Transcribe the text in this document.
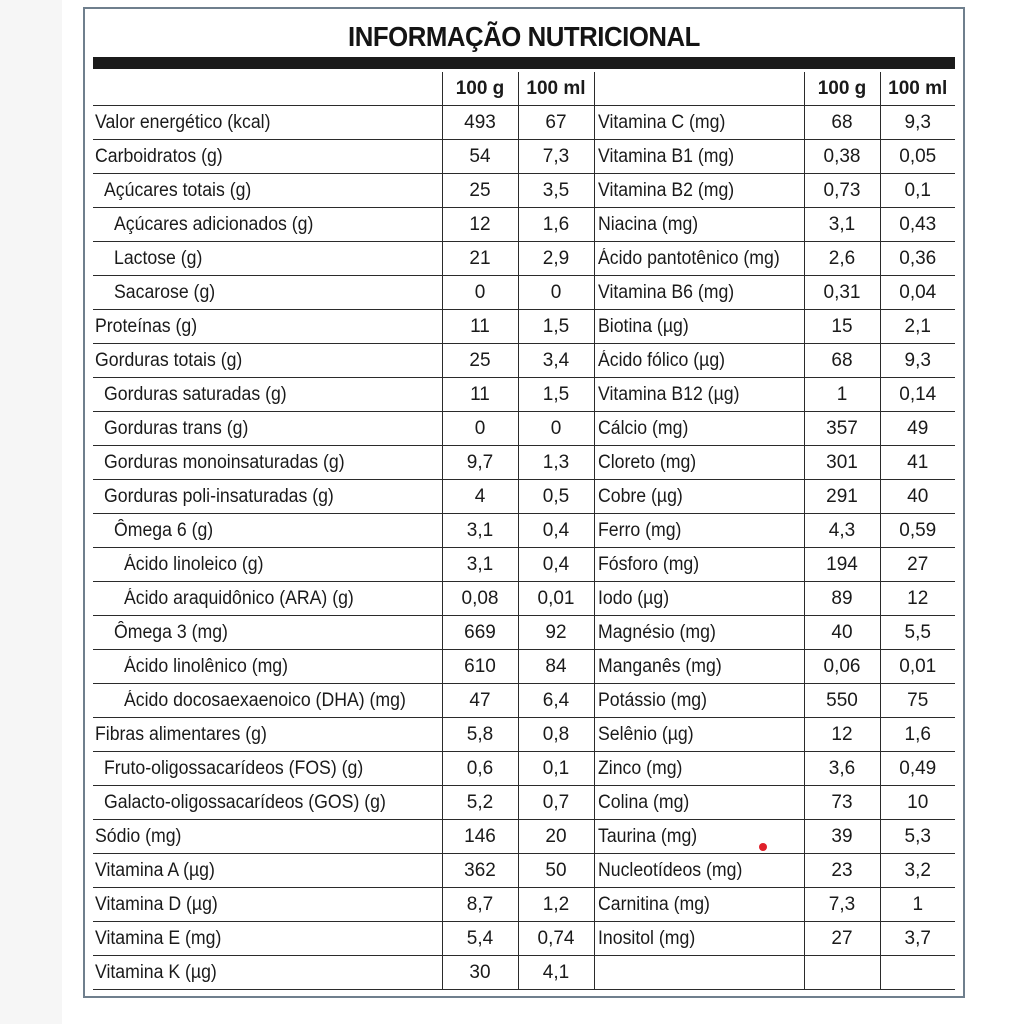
INFORMAÇÃO NUTRICIONAL
	100 g	100 ml		100 g	100 ml
Valor energético (kcal)	493	67	Vitamina C (mg)	68	9,3
Carboidratos (g)	54	7,3	Vitamina B1 (mg)	0,38	0,05
Açúcares totais (g)	25	3,5	Vitamina B2 (mg)	0,73	0,1
Açúcares adicionados (g)	12	1,6	Niacina (mg)	3,1	0,43
Lactose (g)	21	2,9	Ácido pantotênico (mg)	2,6	0,36
Sacarose (g)	0	0	Vitamina B6 (mg)	0,31	0,04
Proteínas (g)	11	1,5	Biotina (µg)	15	2,1
Gorduras totais (g)	25	3,4	Ácido fólico (µg)	68	9,3
Gorduras saturadas (g)	11	1,5	Vitamina B12 (µg)	1	0,14
Gorduras trans (g)	0	0	Cálcio (mg)	357	49
Gorduras monoinsaturadas (g)	9,7	1,3	Cloreto (mg)	301	41
Gorduras poli-insaturadas (g)	4	0,5	Cobre (µg)	291	40
Ômega 6 (g)	3,1	0,4	Ferro (mg)	4,3	0,59
Ácido linoleico (g)	3,1	0,4	Fósforo (mg)	194	27
Ácido araquidônico (ARA) (g)	0,08	0,01	Iodo (µg)	89	12
Ômega 3 (mg)	669	92	Magnésio (mg)	40	5,5
Ácido linolênico (mg)	610	84	Manganês (mg)	0,06	0,01
Ácido docosaexaenoico (DHA) (mg)	47	6,4	Potássio (mg)	550	75
Fibras alimentares (g)	5,8	0,8	Selênio (µg)	12	1,6
Fruto-oligossacarídeos (FOS) (g)	0,6	0,1	Zinco (mg)	3,6	0,49
Galacto-oligossacarídeos (GOS) (g)	5,2	0,7	Colina (mg)	73	10
Sódio (mg)	146	20	Taurina (mg)	39	5,3
Vitamina A (µg)	362	50	Nucleotídeos (mg)	23	3,2
Vitamina D (µg)	8,7	1,2	Carnitina (mg)	7,3	1
Vitamina E (mg)	5,4	0,74	Inositol (mg)	27	3,7
Vitamina K (µg)	30	4,1			
